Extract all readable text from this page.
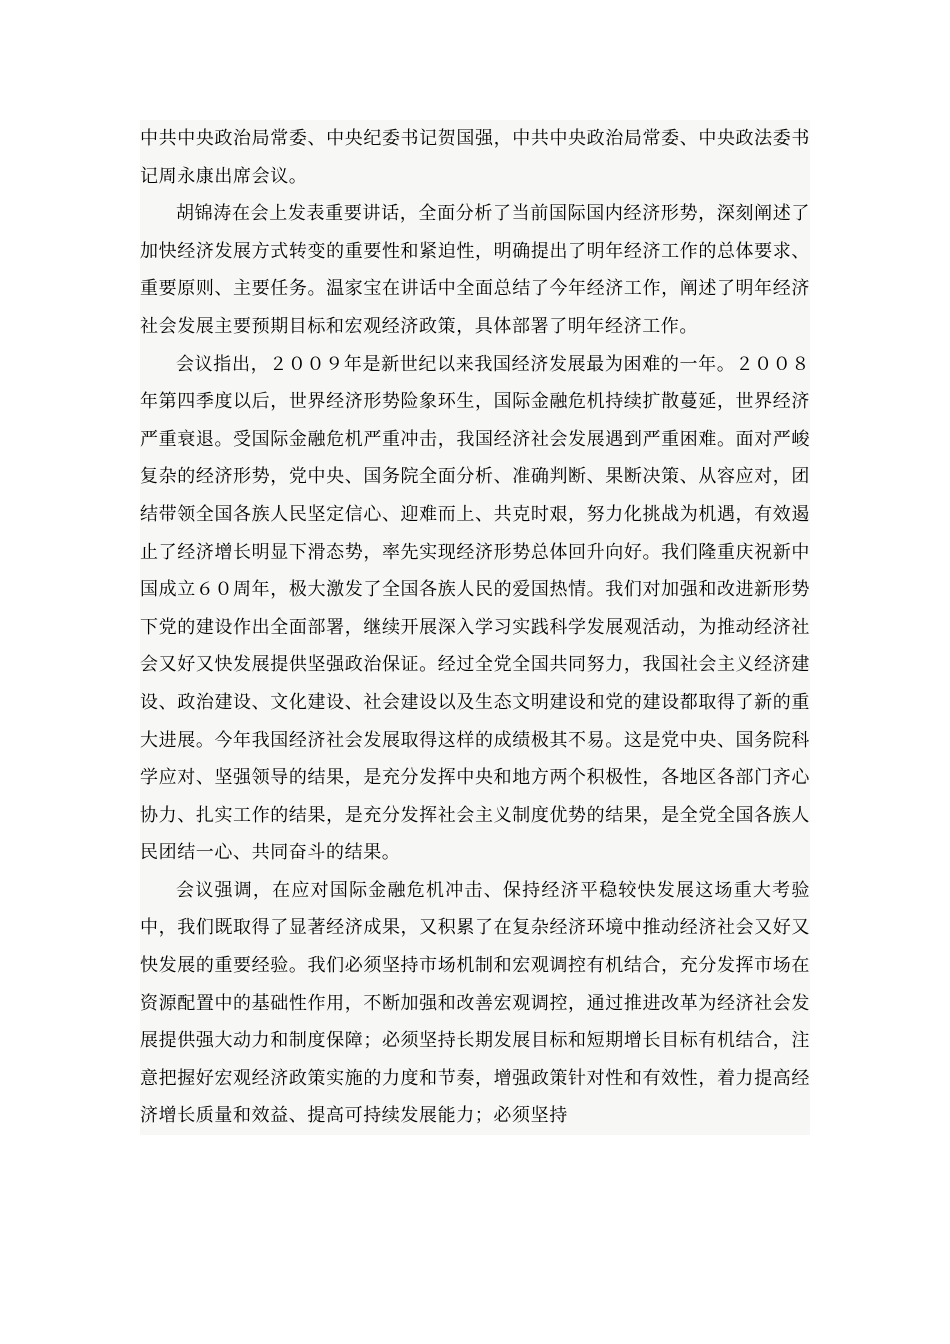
中共中央政治局常委、中央纪委书记贺国强，中共中央政治局常委、中央政法委书记周永康出席会议。

胡锦涛在会上发表重要讲话，全面分析了当前国际国内经济形势，深刻阐述了加快经济发展方式转变的重要性和紧迫性，明确提出了明年经济工作的总体要求、重要原则、主要任务。温家宝在讲话中全面总结了今年经济工作，阐述了明年经济社会发展主要预期目标和宏观经济政策，具体部署了明年经济工作。

会议指出，２００９年是新世纪以来我国经济发展最为困难的一年。２００８年第四季度以后，世界经济形势险象环生，国际金融危机持续扩散蔓延，世界经济严重衰退。受国际金融危机严重冲击，我国经济社会发展遇到严重困难。面对严峻复杂的经济形势，党中央、国务院全面分析、准确判断、果断决策、从容应对，团结带领全国各族人民坚定信心、迎难而上、共克时艰，努力化挑战为机遇，有效遏止了经济增长明显下滑态势，率先实现经济形势总体回升向好。我们隆重庆祝新中国成立６０周年，极大激发了全国各族人民的爱国热情。我们对加强和改进新形势下党的建设作出全面部署，继续开展深入学习实践科学发展观活动，为推动经济社会又好又快发展提供坚强政治保证。经过全党全国共同努力，我国社会主义经济建设、政治建设、文化建设、社会建设以及生态文明建设和党的建设都取得了新的重大进展。今年我国经济社会发展取得这样的成绩极其不易。这是党中央、国务院科学应对、坚强领导的结果，是充分发挥中央和地方两个积极性，各地区各部门齐心协力、扎实工作的结果，是充分发挥社会主义制度优势的结果，是全党全国各族人民团结一心、共同奋斗的结果。

会议强调，在应对国际金融危机冲击、保持经济平稳较快发展这场重大考验中，我们既取得了显著经济成果，又积累了在复杂经济环境中推动经济社会又好又快发展的重要经验。我们必须坚持市场机制和宏观调控有机结合，充分发挥市场在资源配置中的基础性作用，不断加强和改善宏观调控，通过推进改革为经济社会发展提供强大动力和制度保障；必须坚持长期发展目标和短期增长目标有机结合，注意把握好宏观经济政策实施的力度和节奏，增强政策针对性和有效性，着力提高经济增长质量和效益、提高可持续发展能力；必须坚持
